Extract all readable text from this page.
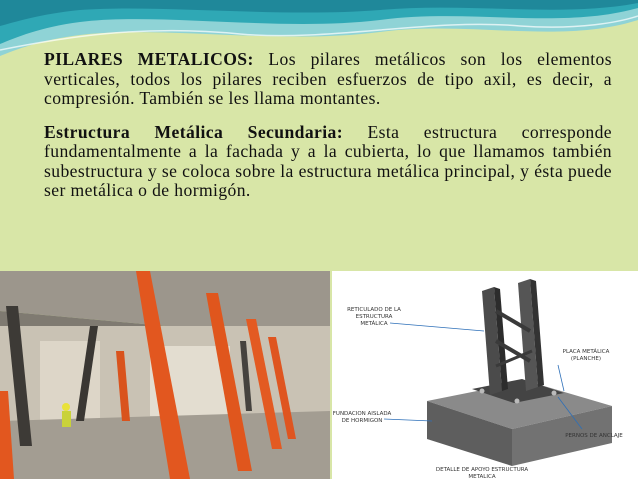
PILARES METALICOS: Los pilares metálicos son los elementos verticales, todos los pilares reciben esfuerzos de tipo axil, es decir, a compresión. También se les llama montantes.

Estructura Metálica Secundaria: Esta estructura corresponde fundamentalmente a la fachada y a la cubierta, lo que llamamos también subestructura y se coloca sobre la estructura metálica principal, y ésta puede ser metálica o de hormigón.

RETICULADO DE LA
ESTRUCTURA
METÁLICA
PLACA METÁLICA
(PLANCHE)
FUNDACION AISLADA
DE HORMIGON
PERNOS DE ANCLAJE
DETALLE DE APOYO ESTRUCTURA
METALICA
